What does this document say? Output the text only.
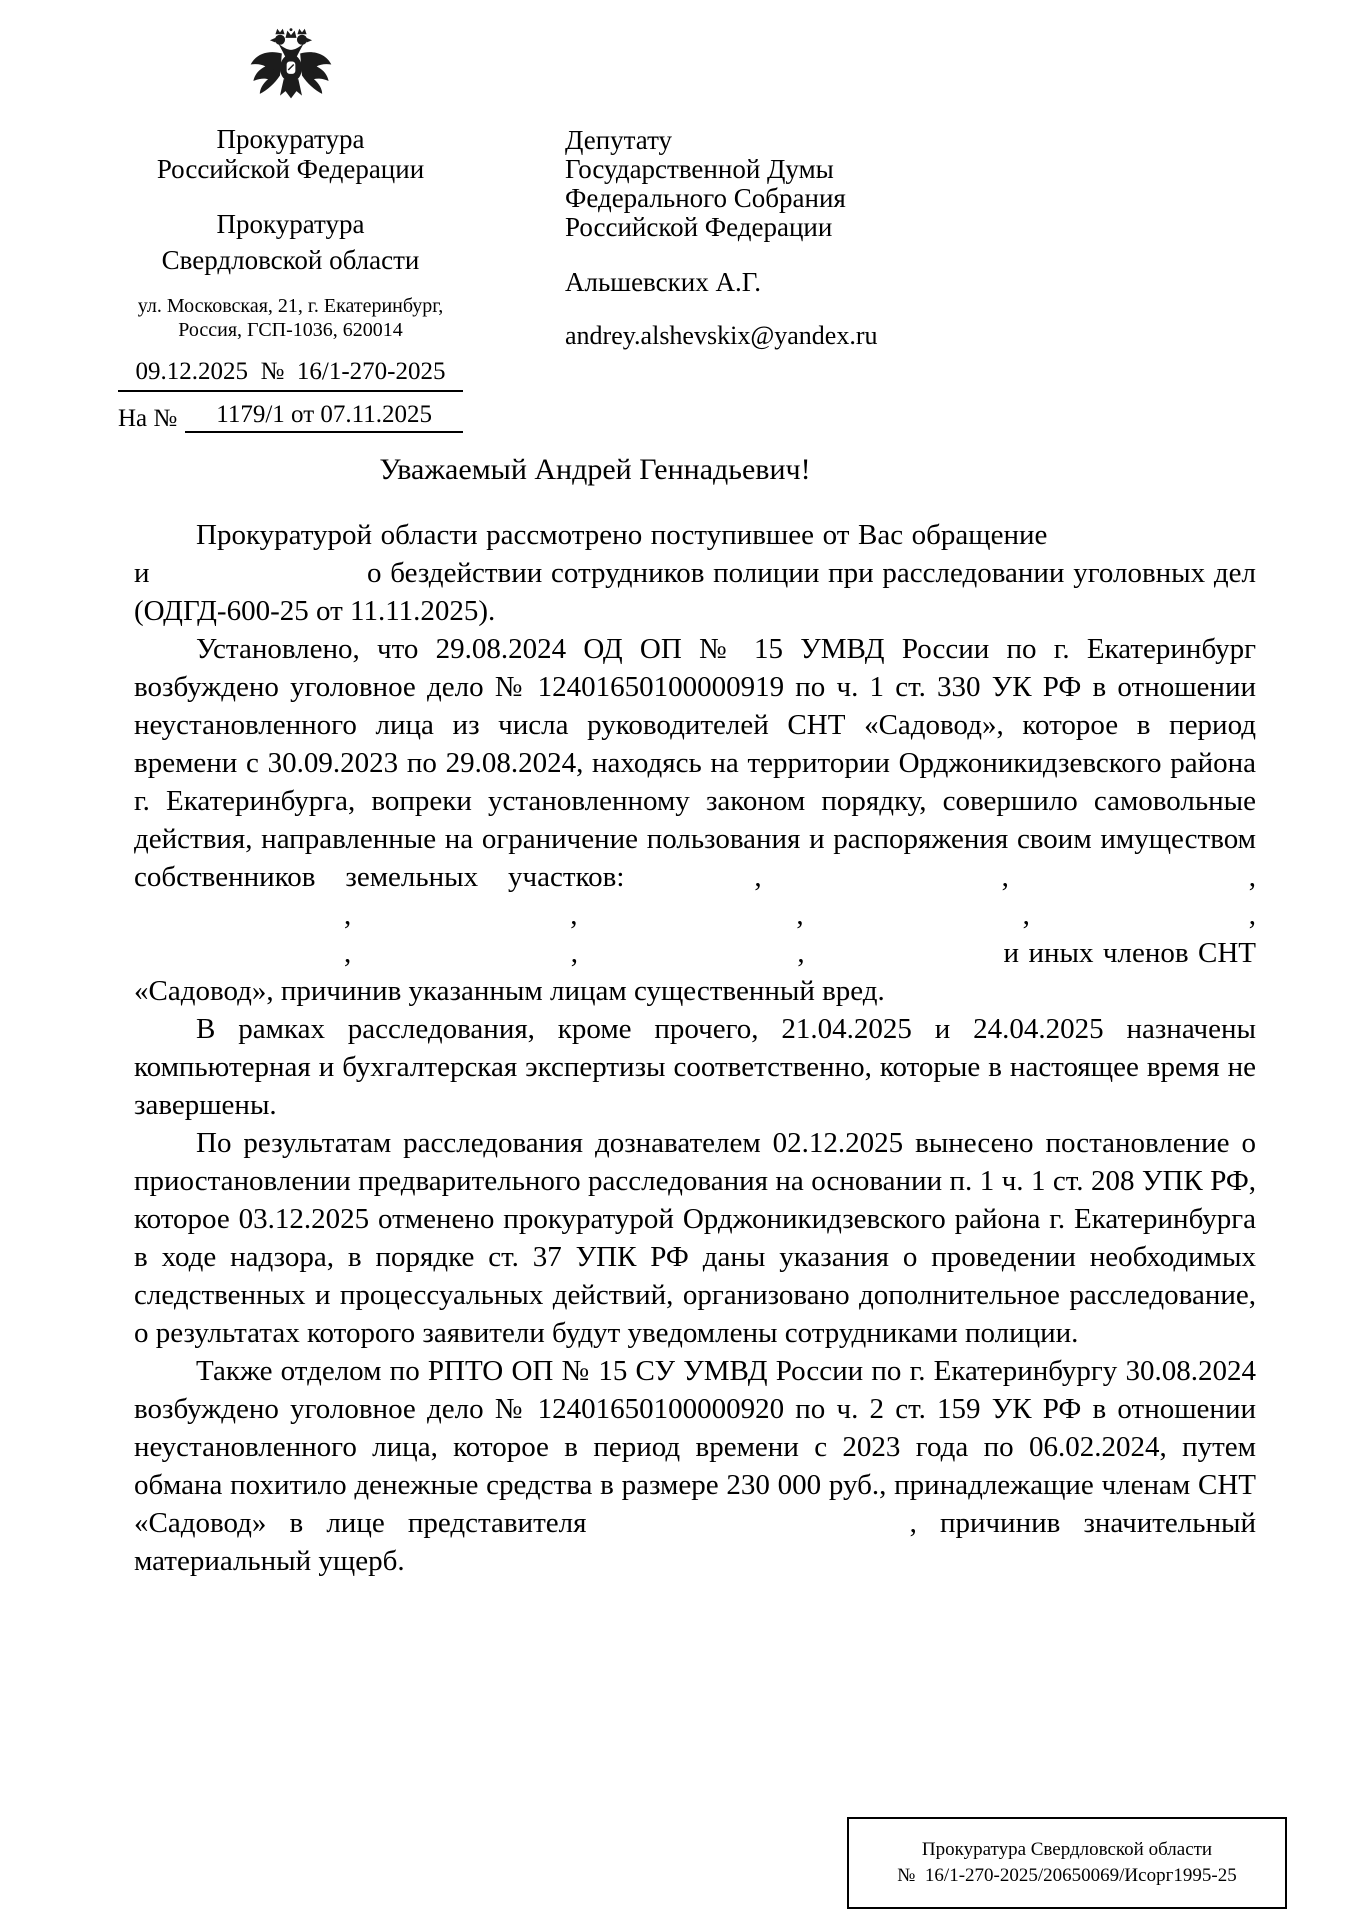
Прокуратура
Российской Федерации
Прокуратура
Свердловской области
ул. Московская, 21, г. Екатеринбург,
Россия, ГСП-1036, 620014
09.12.2025  №  16/1-270-2025
На №	1179/1 от 07.11.2025
Депутату
Государственной Думы
Федерального Собрания
Российской Федерации
Альшевских А.Г.
andrey.alshevskix@yandex.ru

Уважаемый Андрей Геннадьевич!

Прокуратурой области рассмотрено поступившее от Вас обращение  и	о бездействии сотрудников полиции при расследовании уголовных дел (ОДГД-600-25 от 11.11.2025).

Установлено, что 29.08.2024 ОД ОП № 15 УМВД России по г. Екатеринбург возбуждено уголовное дело № 12401650100000919 по ч. 1 ст. 330 УК РФ в отношении неустановленного лица из числа руководителей СНТ «Садовод», которое в период времени с 30.09.2023 по 29.08.2024, находясь на территории Орджоникидзевского района г. Екатеринбурга, вопреки установленному законом порядку, совершило самовольные действия, направленные на ограничение пользования и распоряжения своим имуществом собственников земельных участков:	,	,	, ,	,	,	,	, ,	,	,	и иных членов СНТ «Садовод», причинив указанным лицам существенный вред.

В рамках расследования, кроме прочего, 21.04.2025 и 24.04.2025 назначены компьютерная и бухгалтерская экспертизы соответственно, которые в настоящее время не завершены.

По результатам расследования дознавателем 02.12.2025 вынесено постановление о приостановлении предварительного расследования на основании п. 1 ч. 1 ст. 208 УПК РФ, которое 03.12.2025 отменено прокуратурой Орджоникидзевского района г. Екатеринбурга в ходе надзора, в порядке ст. 37 УПК РФ даны указания о проведении необходимых следственных и процессуальных действий, организовано дополнительное расследование, о результатах которого заявители будут уведомлены сотрудниками полиции.

Также отделом по РПТО ОП № 15 СУ УМВД России по г. Екатеринбургу 30.08.2024 возбуждено уголовное дело № 12401650100000920 по ч. 2 ст. 159 УК РФ в отношении неустановленного лица, которое в период времени с 2023 года по 06.02.2024, путем обмана похитило денежные средства в размере 230 000 руб., принадлежащие членам СНТ «Садовод» в лице представителя	, причинив значительный материальный ущерб.

Прокуратура Свердловской области
№  16/1-270-2025/20650069/Исорг1995-25
